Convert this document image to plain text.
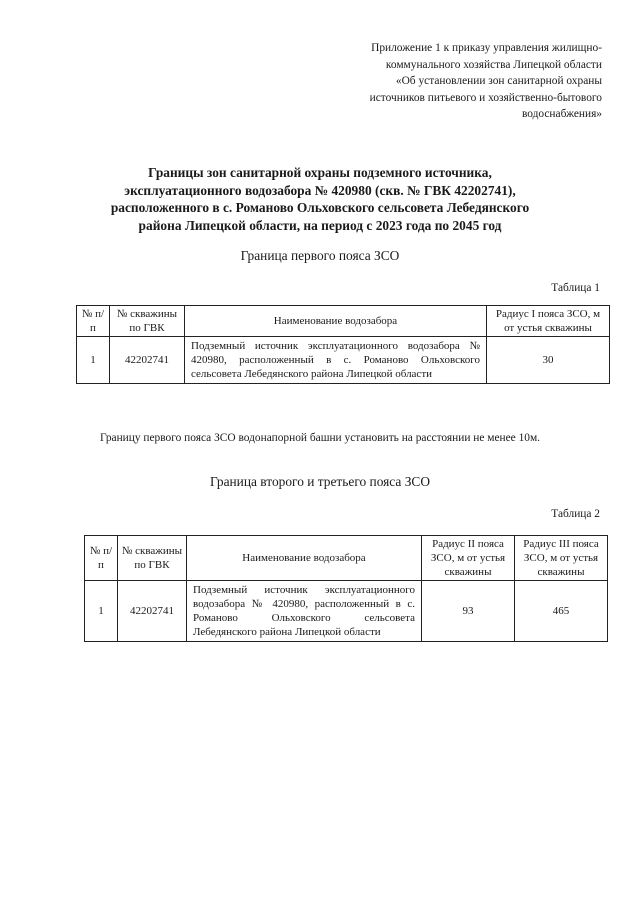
Приложение 1 к приказу управления жилищно-
коммунального хозяйства Липецкой области
«Об установлении зон санитарной охраны
источников питьевого и хозяйственно-бытового
водоснабжения»
Границы зон санитарной охраны подземного источника,
эксплуатационного водозабора № 420980 (скв. № ГВК 42202741),
расположенного в с. Романово Ольховского сельсовета Лебедянского
района Липецкой области, на период с 2023 года по 2045 год
Граница первого пояса ЗСО
Таблица 1
№ п/п	№ скважины по ГВК	Наименование водозабора	Радиус I пояса ЗСО, м от устья скважины
1	42202741	Подземный источник эксплуатационного водозабора № 420980, расположенный в с. Романово Ольховского сельсовета Лебедянского района Липецкой области	30
Границу первого пояса ЗСО водонапорной башни установить на расстоянии не менее 10м.
Граница второго и третьего пояса ЗСО
Таблица 2
№ п/п	№ скважины по ГВК	Наименование водозабора	Радиус II пояса ЗСО, м от устья скважины	Радиус III пояса ЗСО, м от устья скважины
1	42202741	Подземный источник эксплуатационного водозабора № 420980, расположенный в с. Романово Ольховского сельсовета Лебедянского района Липецкой области	93	465
